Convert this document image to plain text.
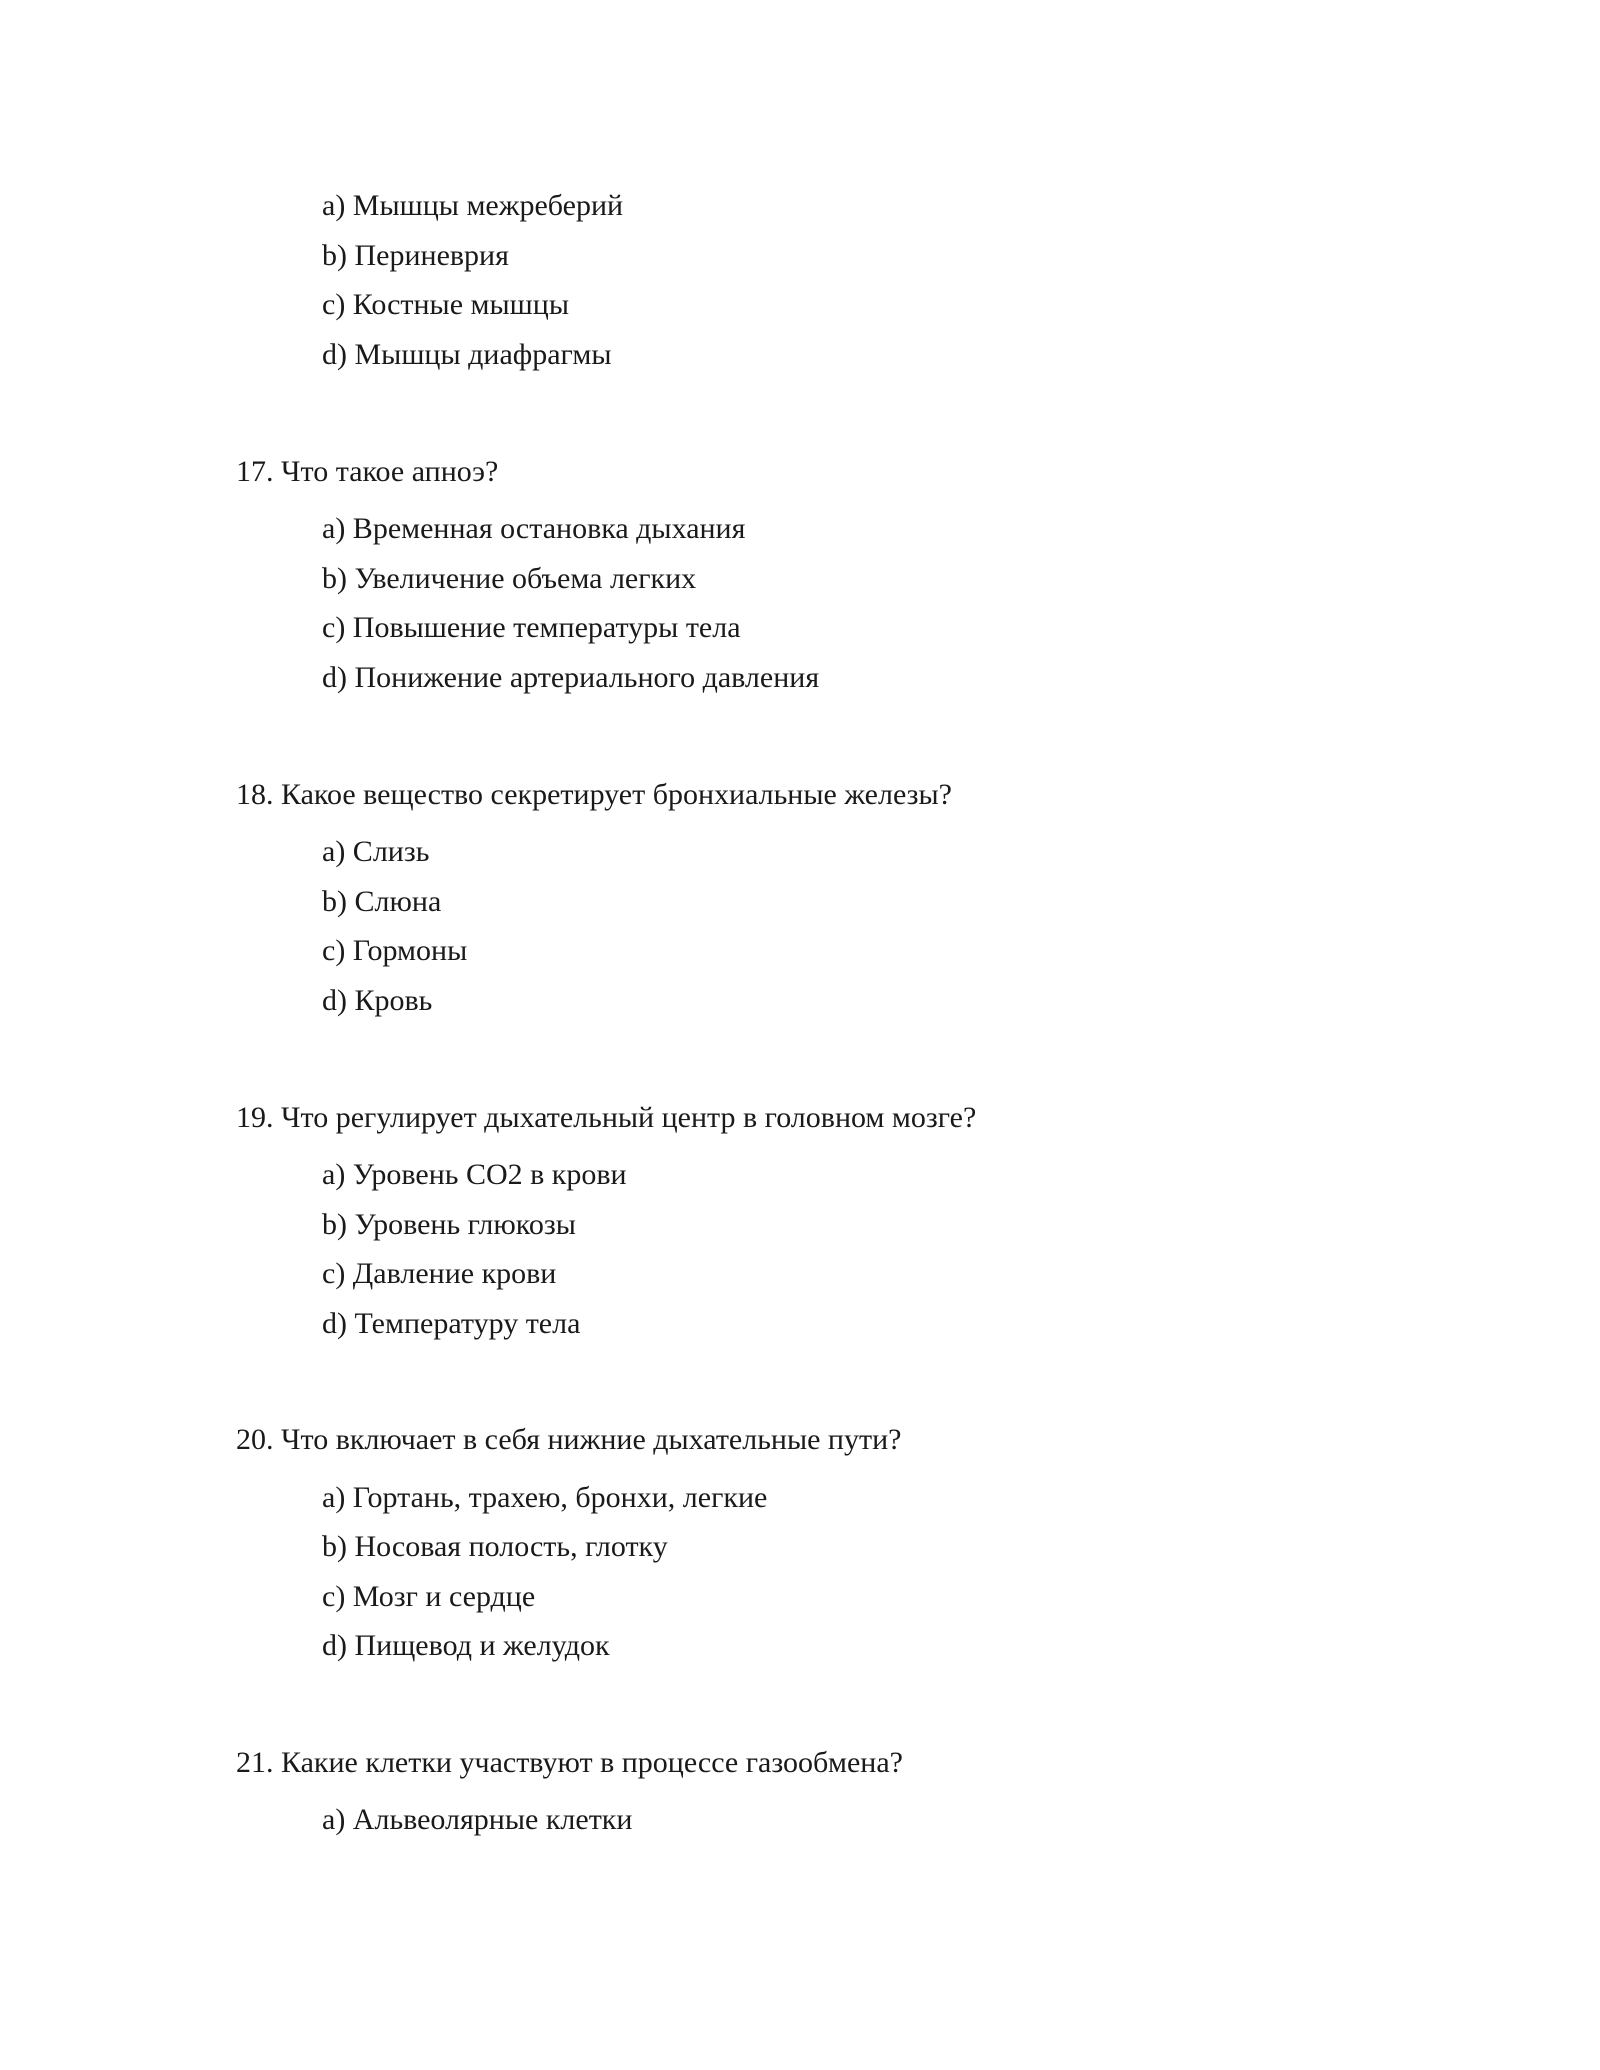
a) Мышцы межреберий
b) Периневрия
c) Костные мышцы
d) Мышцы диафрагмы
17. Что такое апноэ?
a) Временная остановка дыхания
b) Увеличение объема легких
c) Повышение температуры тела
d) Понижение артериального давления
18. Какое вещество секретирует бронхиальные железы?
a) Слизь
b) Слюна
c) Гормоны
d) Кровь
19. Что регулирует дыхательный центр в головном мозге?
a) Уровень CO2 в крови
b) Уровень глюкозы
c) Давление крови
d) Температуру тела
20. Что включает в себя нижние дыхательные пути?
a) Гортань, трахею, бронхи, легкие
b) Носовая полость, глотку
c) Мозг и сердце
d) Пищевод и желудок
21. Какие клетки участвуют в процессе газообмена?
a) Альвеолярные клетки
